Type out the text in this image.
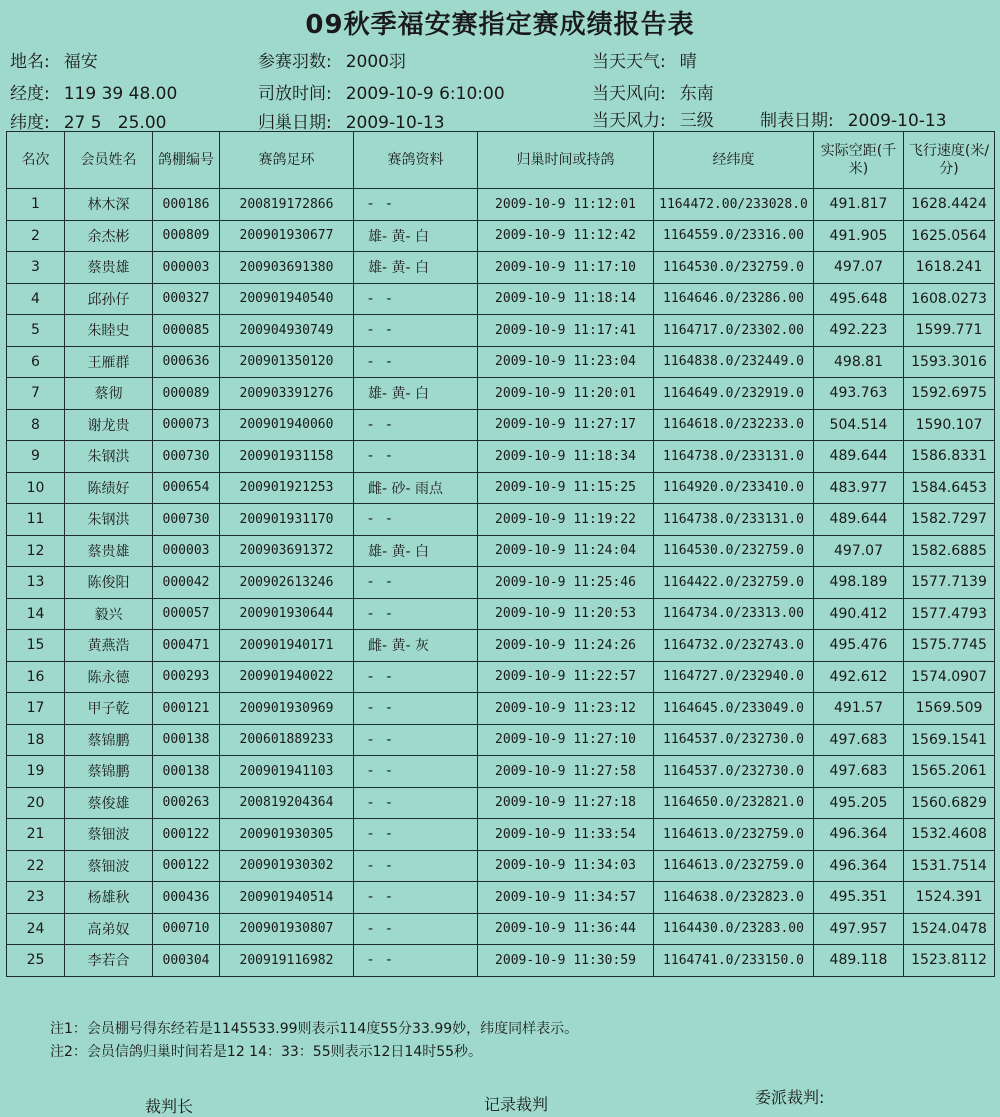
09秋季福安赛指定赛成绩报告表
地名: 福安	参赛羽数: 2000羽	当天天气: 晴
经度: 119 39 48.00	司放时间: 2009-10-9 6:10:00	当天风向: 东南
纬度: 27 5   25.00	归巢日期: 2009-10-13	当天风力: 三级	制表日期: 2009-10-13
名次	会员姓名	鸽棚编号	赛鸽足环	赛鸽资料	归巢时间或持鸽	经纬度	实际空距(千米)	飞行速度(米/分)
1	林木深	000186	200819172866	-   -	2009-10-9 11:12:01	1164472.00/233028.0	491.817	1628.4424
2	余杰彬	000809	200901930677	雄- 黄- 白	2009-10-9 11:12:42	1164559.0/23316.00	491.905	1625.0564
3	蔡贵雄	000003	200903691380	雄- 黄- 白	2009-10-9 11:17:10	1164530.0/232759.0	497.07	1618.241
4	邱孙仔	000327	200901940540	-   -	2009-10-9 11:18:14	1164646.0/23286.00	495.648	1608.0273
5	朱睦史	000085	200904930749	-   -	2009-10-9 11:17:41	1164717.0/23302.00	492.223	1599.771
6	王雁群	000636	200901350120	-   -	2009-10-9 11:23:04	1164838.0/232449.0	498.81	1593.3016
7	蔡彻	000089	200903391276	雄- 黄- 白	2009-10-9 11:20:01	1164649.0/232919.0	493.763	1592.6975
8	谢龙贵	000073	200901940060	-   -	2009-10-9 11:27:17	1164618.0/232233.0	504.514	1590.107
9	朱钢洪	000730	200901931158	-   -	2009-10-9 11:18:34	1164738.0/233131.0	489.644	1586.8331
10	陈绩好	000654	200901921253	雌- 砂- 雨点	2009-10-9 11:15:25	1164920.0/233410.0	483.977	1584.6453
11	朱钢洪	000730	200901931170	-   -	2009-10-9 11:19:22	1164738.0/233131.0	489.644	1582.7297
12	蔡贵雄	000003	200903691372	雄- 黄- 白	2009-10-9 11:24:04	1164530.0/232759.0	497.07	1582.6885
13	陈俊阳	000042	200902613246	-   -	2009-10-9 11:25:46	1164422.0/232759.0	498.189	1577.7139
14	毅兴	000057	200901930644	-   -	2009-10-9 11:20:53	1164734.0/23313.00	490.412	1577.4793
15	黄燕浩	000471	200901940171	雌- 黄- 灰	2009-10-9 11:24:26	1164732.0/232743.0	495.476	1575.7745
16	陈永德	000293	200901940022	-   -	2009-10-9 11:22:57	1164727.0/232940.0	492.612	1574.0907
17	甲子乾	000121	200901930969	-   -	2009-10-9 11:23:12	1164645.0/233049.0	491.57	1569.509
18	蔡锦鹏	000138	200601889233	-   -	2009-10-9 11:27:10	1164537.0/232730.0	497.683	1569.1541
19	蔡锦鹏	000138	200901941103	-   -	2009-10-9 11:27:58	1164537.0/232730.0	497.683	1565.2061
20	蔡俊雄	000263	200819204364	-   -	2009-10-9 11:27:18	1164650.0/232821.0	495.205	1560.6829
21	蔡钿波	000122	200901930305	-   -	2009-10-9 11:33:54	1164613.0/232759.0	496.364	1532.4608
22	蔡钿波	000122	200901930302	-   -	2009-10-9 11:34:03	1164613.0/232759.0	496.364	1531.7514
23	杨雄秋	000436	200901940514	-   -	2009-10-9 11:34:57	1164638.0/232823.0	495.351	1524.391
24	高弟奴	000710	200901930807	-   -	2009-10-9 11:36:44	1164430.0/23283.00	497.957	1524.0478
25	李若合	000304	200919116982	-   -	2009-10-9 11:30:59	1164741.0/233150.0	489.118	1523.8112
注1：会员棚号得东经若是1145533.99则表示114度55分33.99妙，纬度同样表示。
注2：会员信鸽归巢时间若是12 14：33：55则表示12日14时55秒。
裁判长	记录裁判	委派裁判:
